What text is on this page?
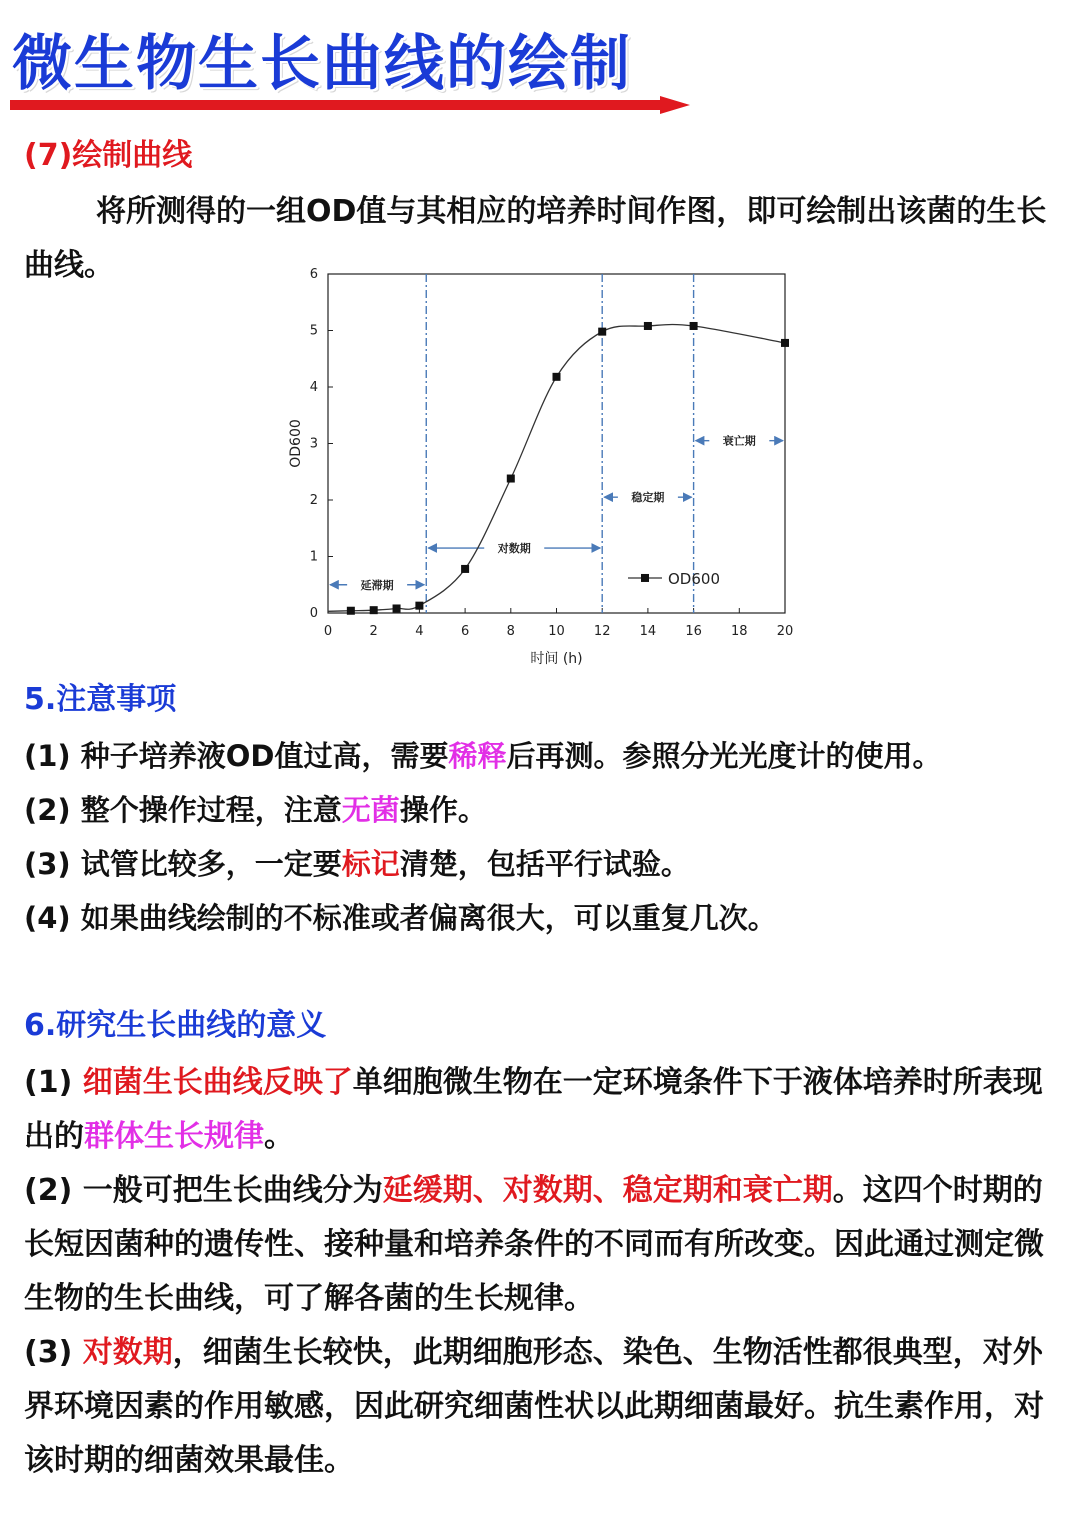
微生物生长曲线的绘制
(7)绘制曲线

将所测得的一组OD值与其相应的培养时间作图，即可绘制出该菌的生长曲线。

0	2	4	6	8	10 12 14 16 18 20
0
1
2
3
4
5
6
时间 (h)
OD600
延滞期
对数期
稳定期
衰亡期
OD600
5.注意事项

(1) 种子培养液OD值过高，需要稀释后再测。参照分光光度计的使用。

(2) 整个操作过程，注意无菌操作。

(3) 试管比较多，一定要标记清楚，包括平行试验。

(4) 如果曲线绘制的不标准或者偏离很大，可以重复几次。

6.研究生长曲线的意义

(1) 细菌生长曲线反映了单细胞微生物在一定环境条件下于液体培养时所表现出的群体生长规律。

(2) 一般可把生长曲线分为延缓期、对数期、稳定期和衰亡期。这四个时期的长短因菌种的遗传性、接种量和培养条件的不同而有所改变。因此通过测定微生物的生长曲线，可了解各菌的生长规律。

(3) 对数期，细菌生长较快，此期细胞形态、染色、生物活性都很典型，对外界环境因素的作用敏感，因此研究细菌性状以此期细菌最好。抗生素作用，对该时期的细菌效果最佳。
